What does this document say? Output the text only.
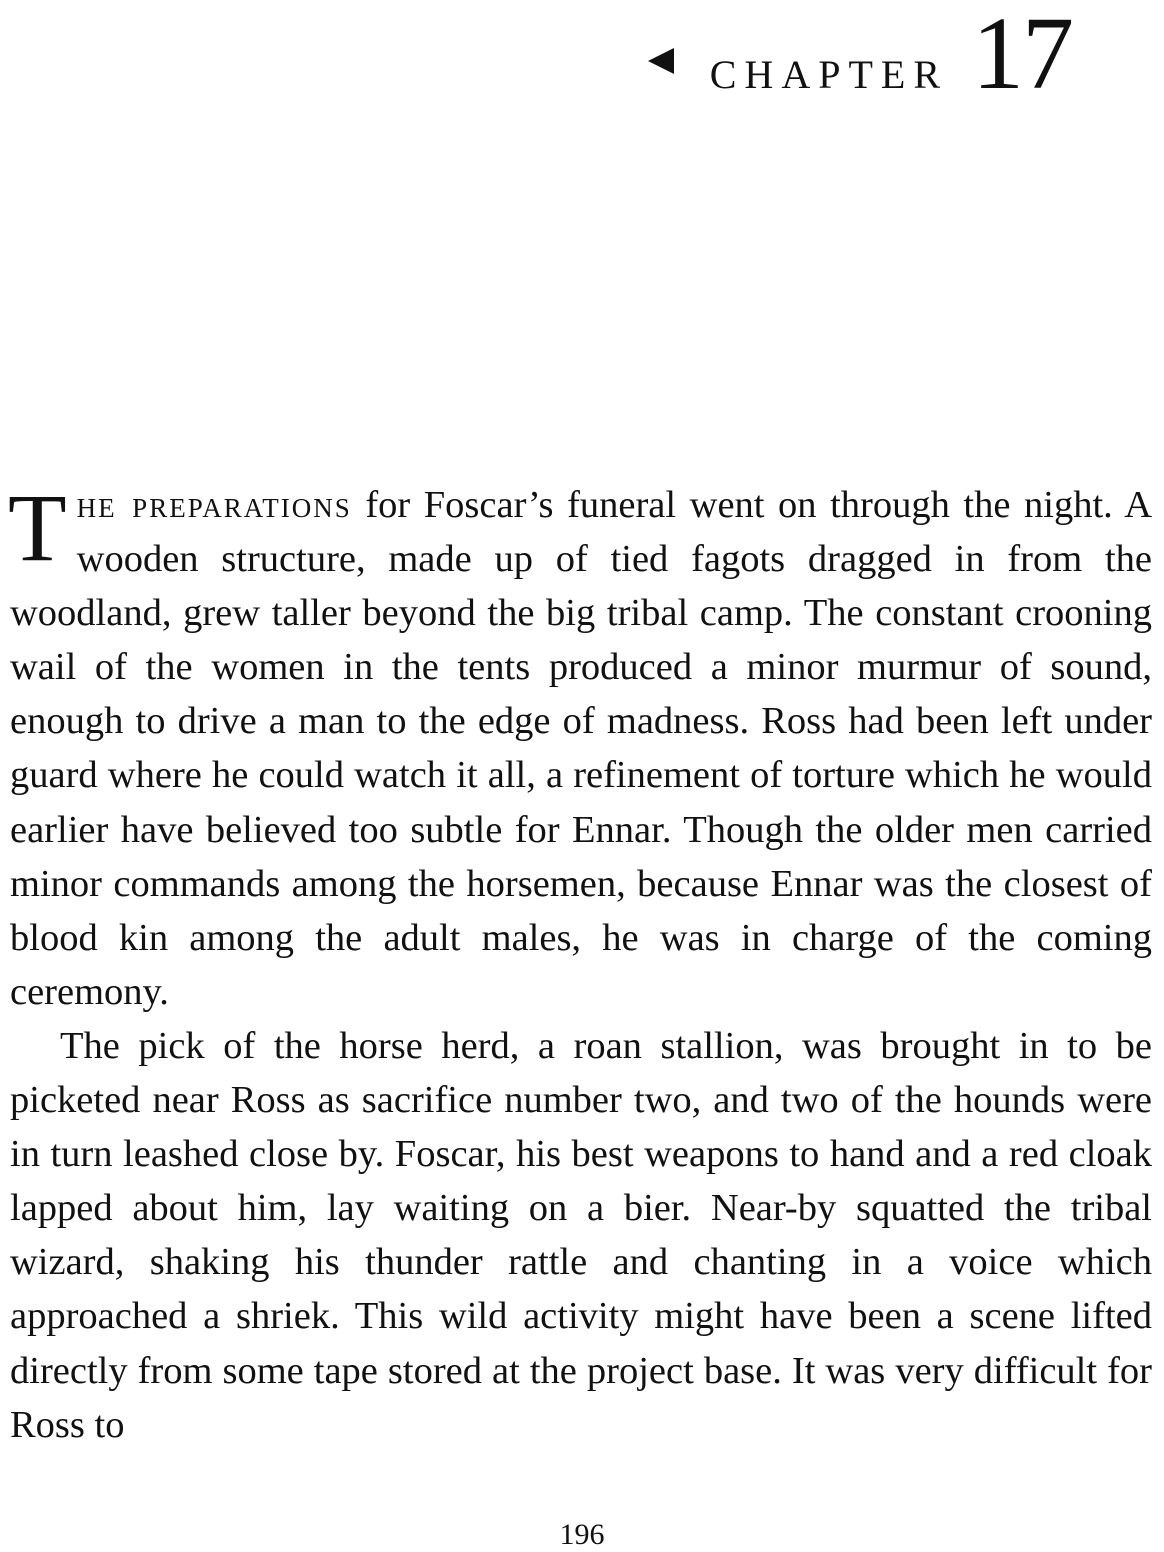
CHAPTER 17

The preparations for Foscar’s funeral went on through the night. A wooden structure, made up of tied fagots dragged in from the woodland, grew taller beyond the big tribal camp. The constant crooning wail of the women in the tents produced a minor murmur of sound, enough to drive a man to the edge of madness. Ross had been left under guard where he could watch it all, a refinement of torture which he would earlier have believed too subtle for Ennar. Though the older men carried minor commands among the horsemen, because Ennar was the closest of blood kin among the adult males, he was in charge of the coming ceremony.

The pick of the horse herd, a roan stallion, was brought in to be picketed near Ross as sacrifice number two, and two of the hounds were in turn leashed close by. Foscar, his best weapons to hand and a red cloak lapped about him, lay waiting on a bier. Near-by squatted the tribal wizard, shaking his thunder rattle and chanting in a voice which approached a shriek. This wild activity might have been a scene lifted directly from some tape stored at the project base. It was very difficult for Ross to

196
